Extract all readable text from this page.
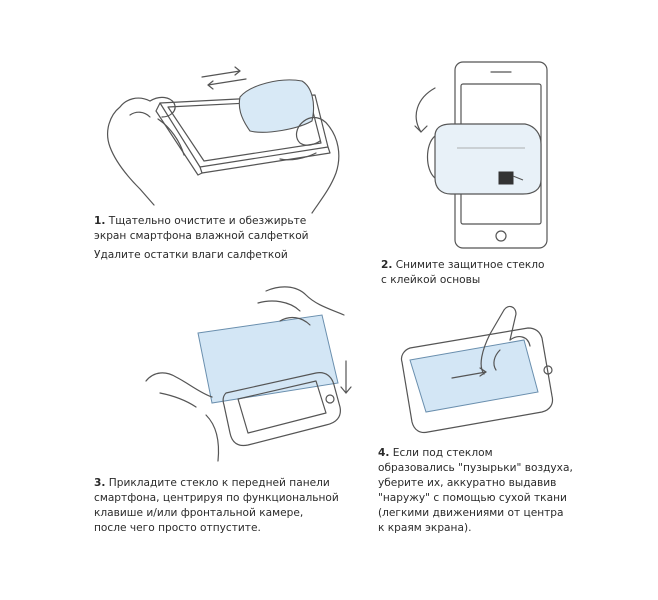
1. Тщательно очистите и обезжирьте
экран смартфона влажной салфеткой
Удалите остатки влаги салфеткой
2. Снимите защитное стекло
с клейкой основы
3. Прикладите стекло к передней панели
смартфона, центрируя по функциональной
клавише и/или фронтальной камере,
после чего просто отпустите.
4. Если под стеклом
образовались "пузырьки" воздуха,
уберите их, аккуратно выдавив
"наружу" с помощью сухой ткани
(легкими движениями от центра
к краям экрана).
